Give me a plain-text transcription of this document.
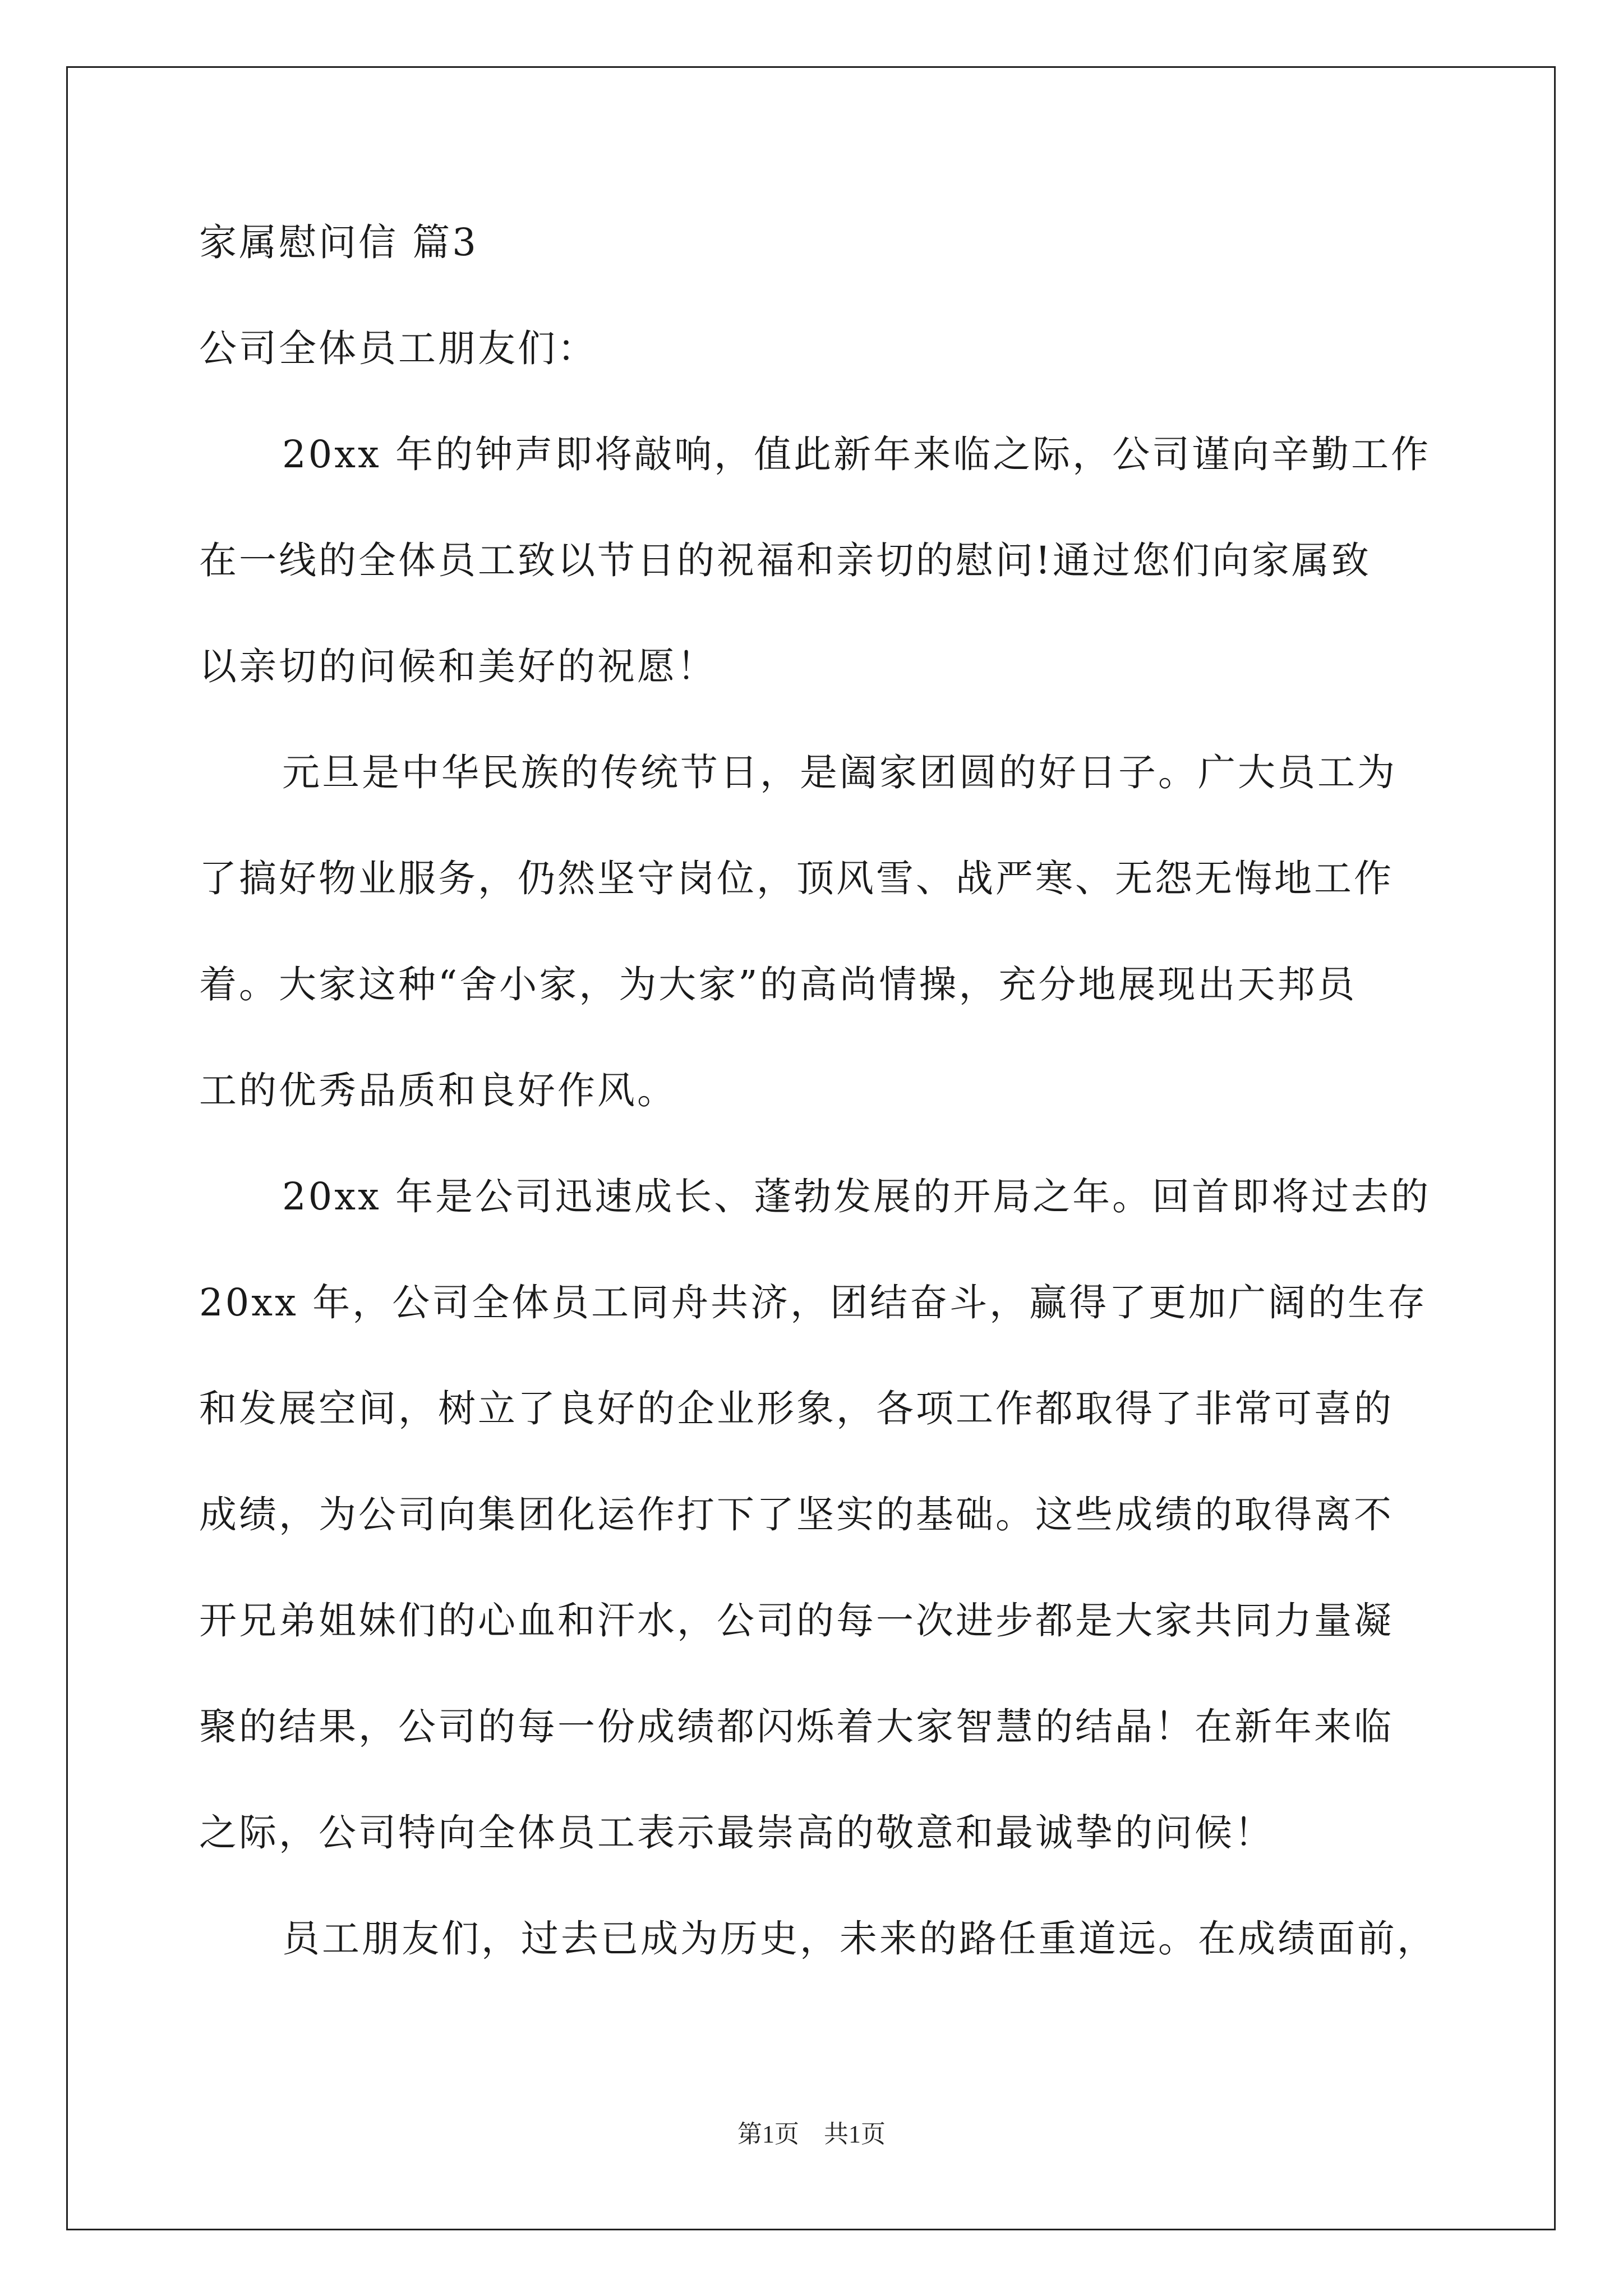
家属慰问信 篇3

公司全体员工朋友们：

20xx 年的钟声即将敲响，值此新年来临之际，公司谨向辛勤工作

在一线的全体员工致以节日的祝福和亲切的慰问!通过您们向家属致

以亲切的问候和美好的祝愿！

元旦是中华民族的传统节日，是阖家团圆的好日子。广大员工为

了搞好物业服务，仍然坚守岗位，顶风雪、战严寒、无怨无悔地工作

着。大家这种“舍小家，为大家”的高尚情操，充分地展现出天邦员

工的优秀品质和良好作风。

20xx 年是公司迅速成长、蓬勃发展的开局之年。回首即将过去的

20xx 年，公司全体员工同舟共济，团结奋斗，赢得了更加广阔的生存

和发展空间，树立了良好的企业形象，各项工作都取得了非常可喜的

成绩，为公司向集团化运作打下了坚实的基础。这些成绩的取得离不

开兄弟姐妹们的心血和汗水，公司的每一次进步都是大家共同力量凝

聚的结果，公司的每一份成绩都闪烁着大家智慧的结晶！在新年来临

之际，公司特向全体员工表示最崇高的敬意和最诚挚的问候！

员工朋友们，过去已成为历史，未来的路任重道远。在成绩面前，

第1页　共1页
